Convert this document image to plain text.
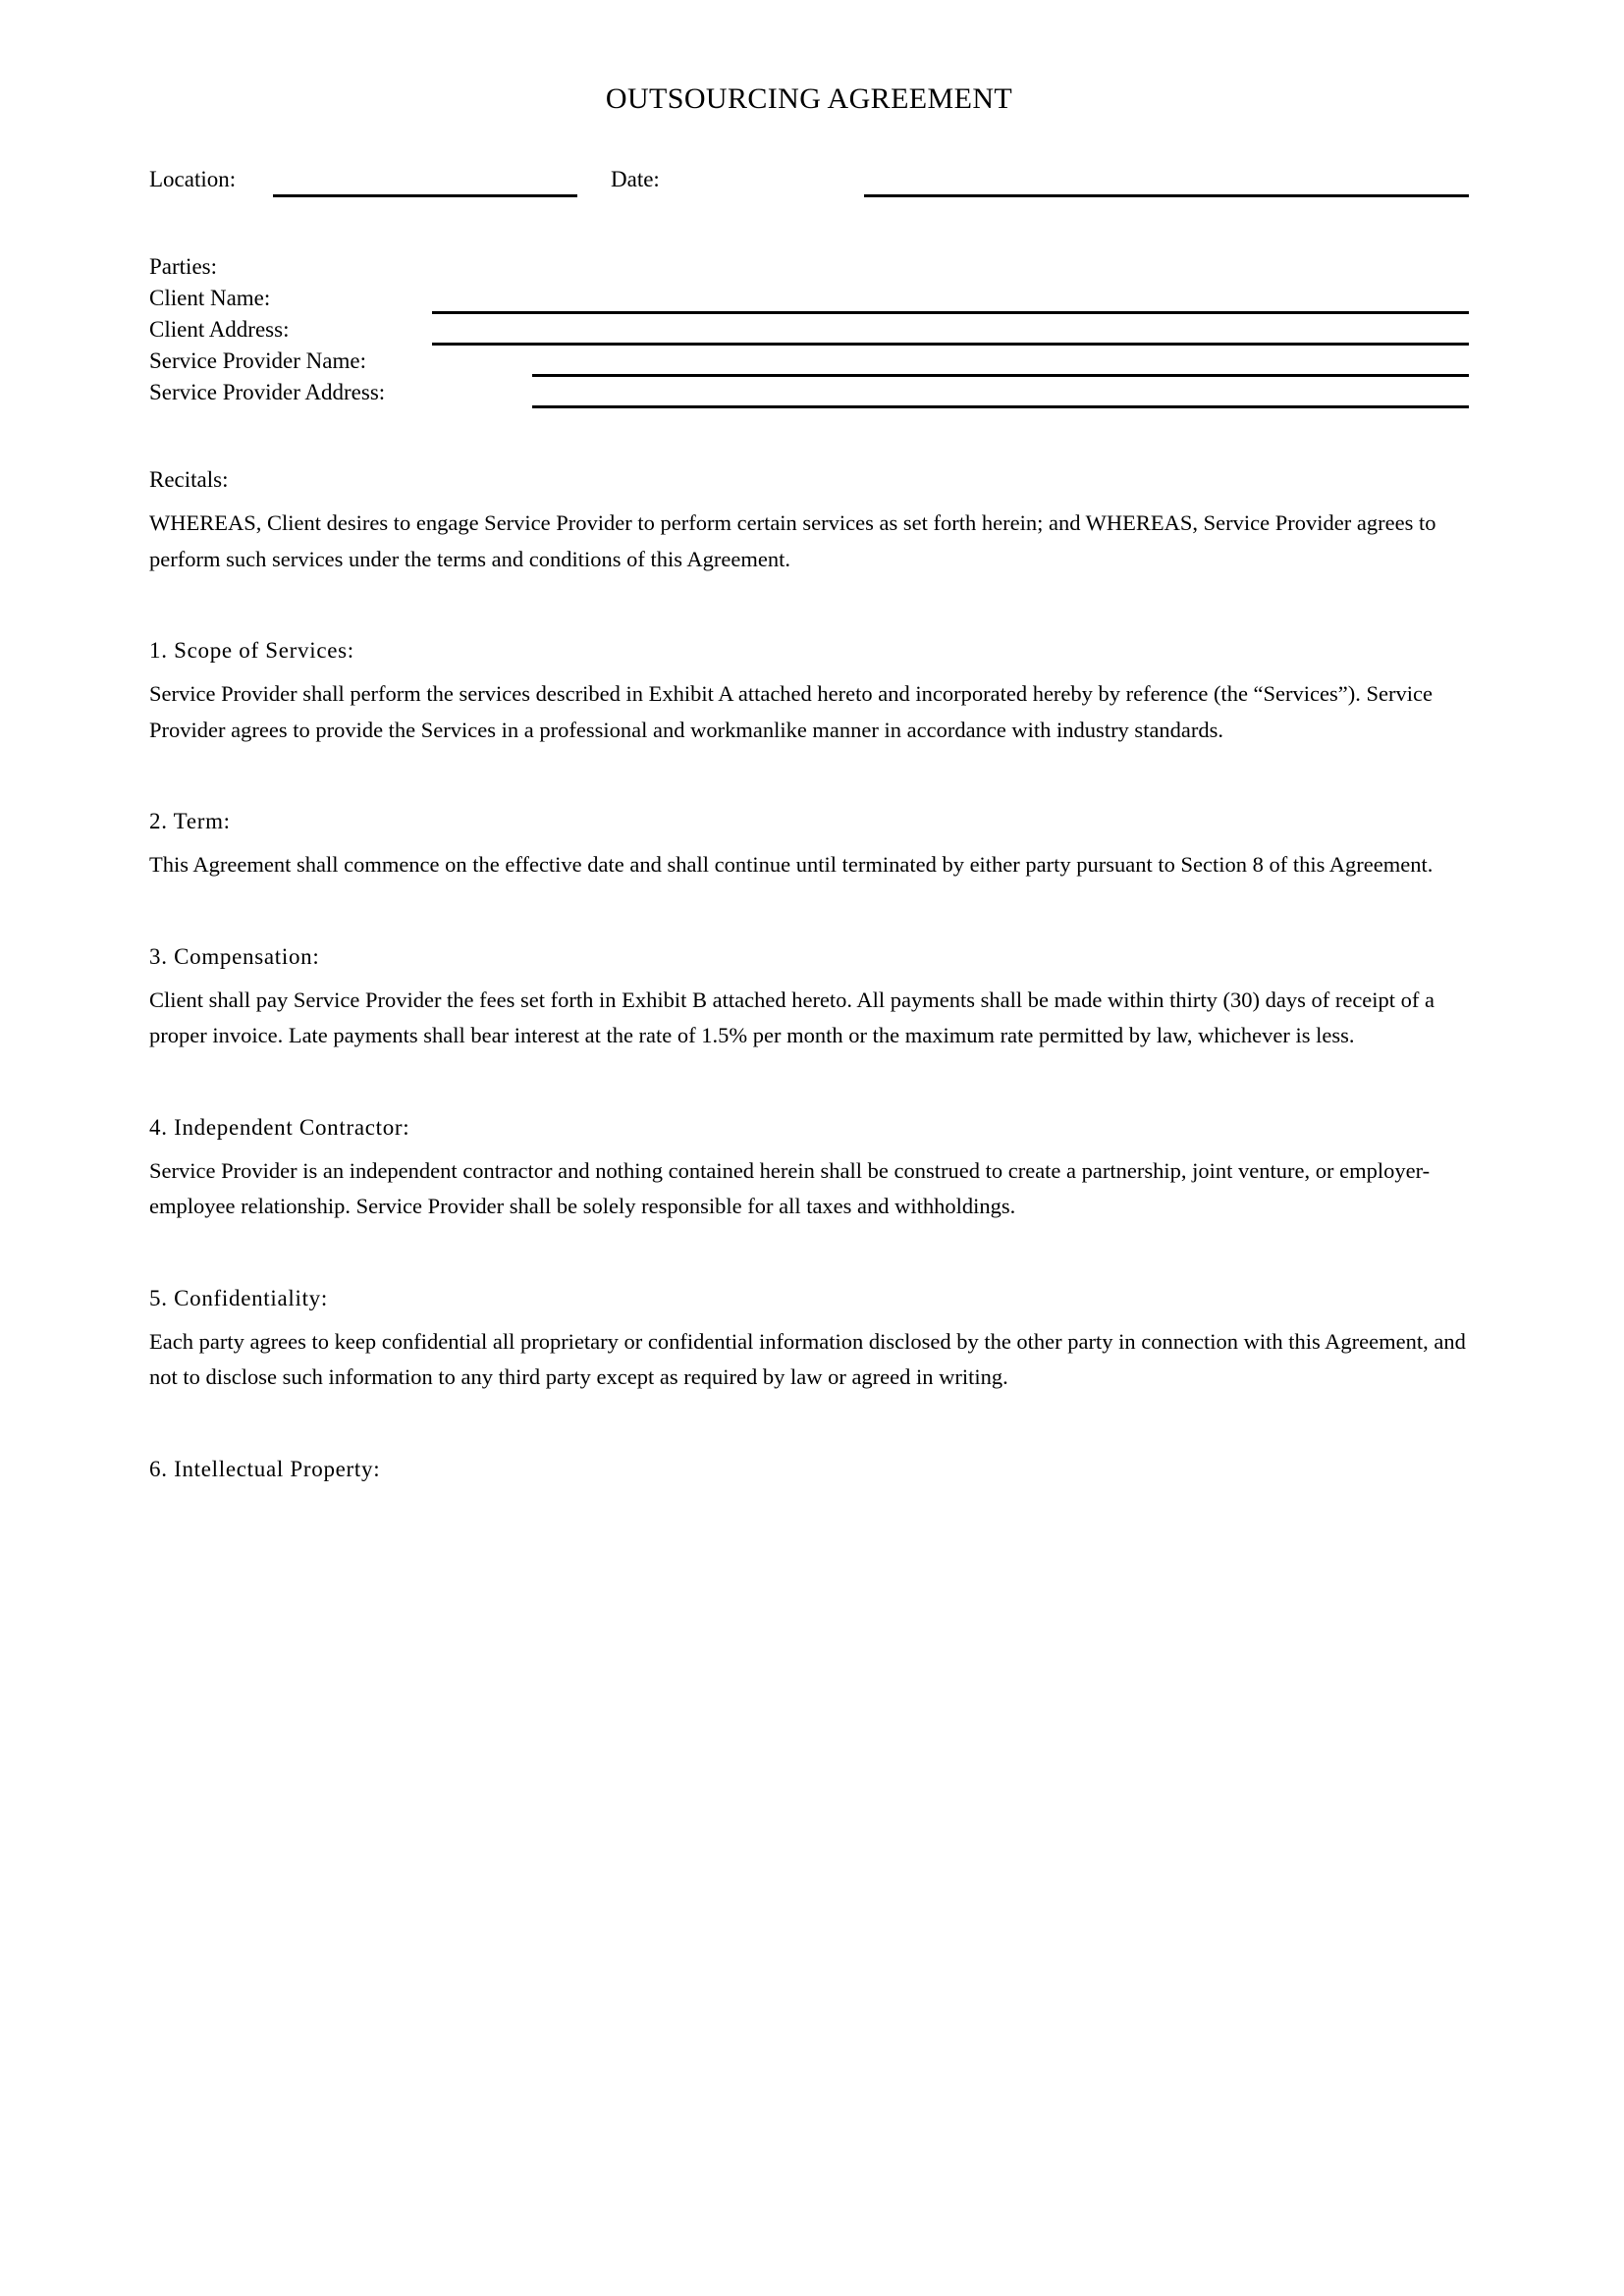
OUTSOURCING AGREEMENT
Location:	Date:
Parties:
Client Name:
Client Address:
Service Provider Name:
Service Provider Address:
Recitals:

WHEREAS, Client desires to engage Service Provider to perform certain services as set forth herein; and WHEREAS, Service Provider agrees to perform such services under the terms and conditions of this Agreement.

1. Scope of Services:

Service Provider shall perform the services described in Exhibit A attached hereto and incorporated hereby by reference (the “Services”). Service Provider agrees to provide the Services in a professional and workmanlike manner in accordance with industry standards.

2. Term:

This Agreement shall commence on the effective date and shall continue until terminated by either party pursuant to Section 8 of this Agreement.

3. Compensation:

Client shall pay Service Provider the fees set forth in Exhibit B attached hereto. All payments shall be made within thirty (30) days of receipt of a proper invoice. Late payments shall bear interest at the rate of 1.5% per month or the maximum rate permitted by law, whichever is less.

4. Independent Contractor:

Service Provider is an independent contractor and nothing contained herein shall be construed to create a partnership, joint venture, or employer-employee relationship. Service Provider shall be solely responsible for all taxes and withholdings.

5. Confidentiality:

Each party agrees to keep confidential all proprietary or confidential information disclosed by the other party in connection with this Agreement, and not to disclose such information to any third party except as required by law or agreed in writing.

6. Intellectual Property:
